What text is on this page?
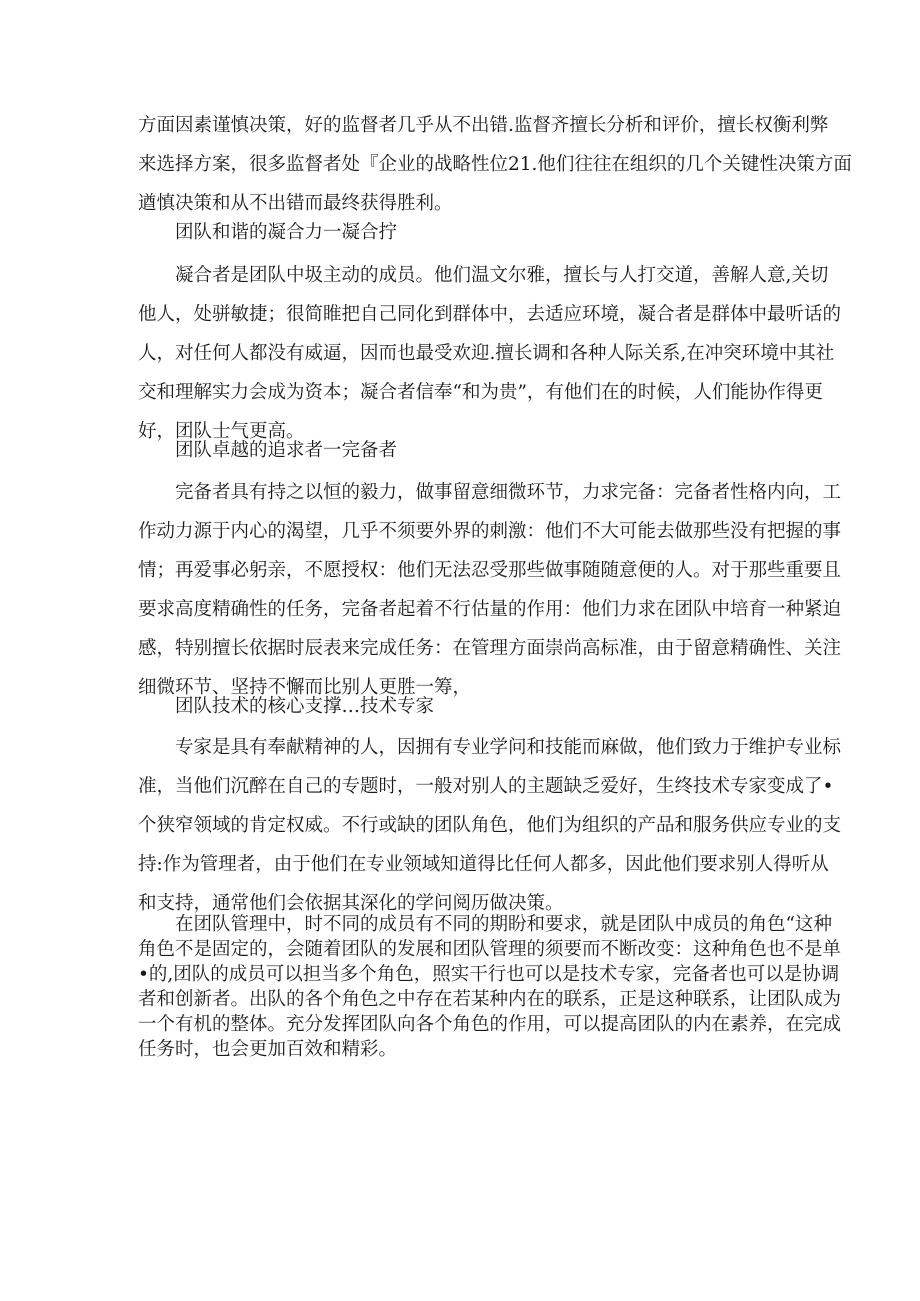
方面因素谨慎决策，好的监督者几乎从不出错.监督齐擅长分析和评价，擅长权衡利弊
来选择方案，很多监督者处『企业的战略性位21.他们往往在组织的几个关键性决策方面
遒慎决策和从不出错而最终获得胜利。
团队和谐的凝合力一凝合拧
凝合者是团队中圾主动的成员。他们温文尔雅，擅长与人打交道，善解人意,关切
他人，处骈敏捷；很简睢把自己同化到群体中，去适应环境，凝合者是群体中最听话的
人，对任何人都没有威逼，因而也最受欢迎.擅长调和各种人际关系,在冲突环境中其社
交和理解实力会成为资本；凝合者信奉“和为贵”，有他们在的时候，人们能协作得更
好，团队士气更高。
团队卓越的追求者一完备者
完备者具有持之以恒的毅力，做事留意细微环节，力求完备：完备者性格内向，工
作动力源于内心的渴望，几乎不须要外界的刺激：他们不大可能去做那些没有把握的事
情；再爱事必躬亲，不愿授权：他们无法忍受那些做事随随意便的人。对于那些重要且
要求高度精确性的任务，完备者起着不行估量的作用：他们力求在团队中培育一种紧迫
感，特别擅长依据时辰表来完成任务：在管理方面崇尚高标准，由于留意精确性、关注
细微环节、坚持不懈而比别人更胜一筹，
团队技术的核心支撑…技术专家
专家是具有奉献精神的人，因拥有专业学问和技能而麻做，他们致力于维护专业标
准，当他们沉醉在自己的专题时，一般对别人的主题缺乏爱好，生终技术专家变成了•
个狭窄领域的肯定权威。不行或缺的团队角色，他们为组织的产品和服务供应专业的支
持:作为管理者，由于他们在专业领域知道得比任何人都多，因此他们要求别人得听从
和支持，通常他们会依据其深化的学问阅历做决策。
在团队管理中，时不同的成员有不同的期盼和要求，就是团队中成员的角色“这种
角色不是固定的，会随着团队的发展和团队管理的须要而不断改变：这种角色也不是单
•的,团队的成员可以担当多个角色，照实干行也可以是技术专家，完备者也可以是协调
者和创新者。出队的各个角色之中存在若某种内在的联系，正是这种联系，让团队成为
一个有机的整体。充分发挥团队向各个角色的作用，可以提高团队的内在素养，在完成
任务时，也会更加百效和精彩。
